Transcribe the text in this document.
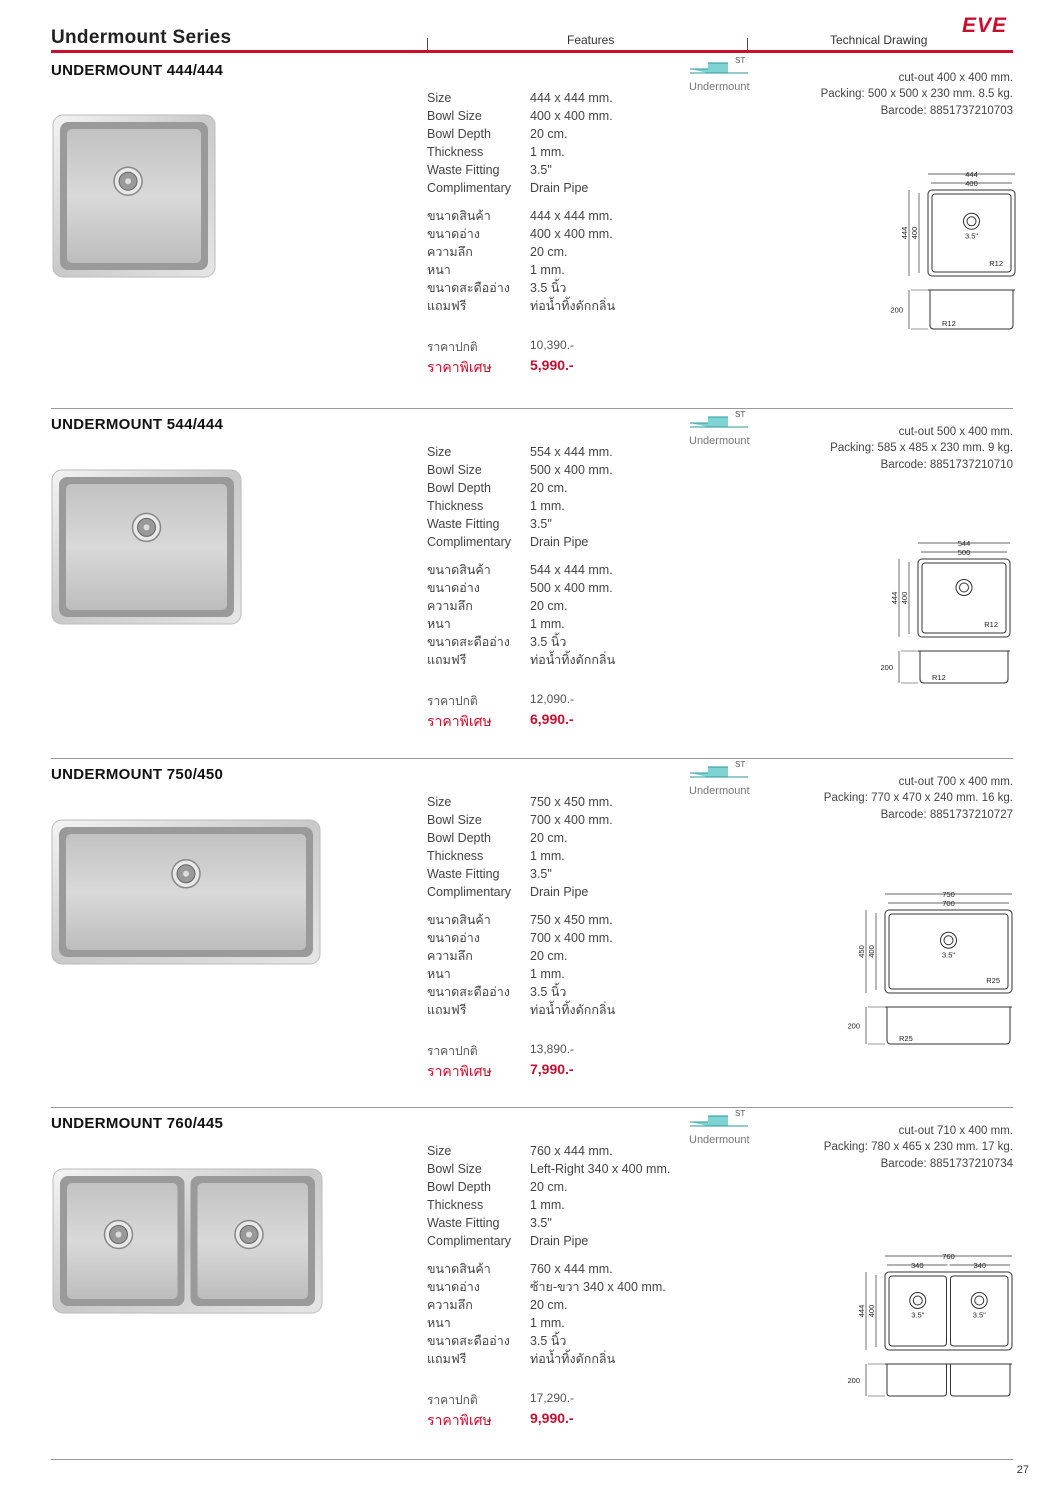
Undermount Series	Features	Technical Drawing
EVE
UNDERMOUNT 444/444
ST
Undermount
cut-out 400 x 400 mm.
Packing: 500 x 500 x 230 mm. 8.5 kg.
Barcode: 8851737210703
Size	444 x 444 mm.
Bowl Size	400 x 400 mm.
Bowl Depth	20 cm.
Thickness	1 mm.
Waste Fitting	3.5"
Complimentary	Drain Pipe
ขนาดสินค้า	444 x 444 mm.
ขนาดอ่าง	400 x 400 mm.
ความลึก	20 cm.
หนา	1 mm.
ขนาดสะดืออ่าง	3.5 นิ้ว
แถมฟรี	ท่อน้ำทิ้งดักกลิ่น
ราคาปกติ	10,390.-
ราคาพิเศษ	5,990.-
444
400
444 400	3.5"
R12
200
R12
UNDERMOUNT 544/444
ST
Undermount
cut-out 500 x 400 mm.
Packing: 585 x 485 x 230 mm. 9 kg.
Barcode: 8851737210710
Size	554 x 444 mm.
Bowl Size	500 x 400 mm.
Bowl Depth	20 cm.
Thickness	1 mm.
Waste Fitting	3.5"
Complimentary	Drain Pipe
ขนาดสินค้า	544 x 444 mm.
ขนาดอ่าง	500 x 400 mm.
ความลึก	20 cm.
หนา	1 mm.
ขนาดสะดืออ่าง	3.5 นิ้ว
แถมฟรี	ท่อน้ำทิ้งดักกลิ่น
ราคาปกติ	12,090.-
ราคาพิเศษ	6,990.-
544
500
444 400
R12
200
R12
UNDERMOUNT 750/450
ST
Undermount
cut-out 700 x 400 mm.
Packing: 770 x 470 x 240 mm. 16 kg.
Barcode: 8851737210727
Size	750 x 450 mm.
Bowl Size	700 x 400 mm.
Bowl Depth	20 cm.
Thickness	1 mm.
Waste Fitting	3.5"
Complimentary	Drain Pipe
ขนาดสินค้า	750 x 450 mm.
ขนาดอ่าง	700 x 400 mm.
ความลึก	20 cm.
หนา	1 mm.
ขนาดสะดืออ่าง	3.5 นิ้ว
แถมฟรี	ท่อน้ำทิ้งดักกลิ่น
ราคาปกติ	13,890.-
ราคาพิเศษ	7,990.-
750
700
450 400	3.5"
R25
200
R25
UNDERMOUNT 760/445
ST
Undermount
cut-out 710 x 400 mm.
Packing: 780 x 465 x 230 mm. 17 kg.
Barcode: 8851737210734
Size	760 x 444 mm.
Bowl Size	Left-Right 340 x 400 mm.
Bowl Depth	20 cm.
Thickness	1 mm.
Waste Fitting	3.5"
Complimentary	Drain Pipe
ขนาดสินค้า	760 x 444 mm.
ขนาดอ่าง	ซ้าย-ขวา 340 x 400 mm.
ความลึก	20 cm.
หนา	1 mm.
ขนาดสะดืออ่าง	3.5 นิ้ว
แถมฟรี	ท่อน้ำทิ้งดักกลิ่น
ราคาปกติ	17,290.-
ราคาพิเศษ	9,990.-
760
340	340
444 400	3.5"	3.5"
200
27
